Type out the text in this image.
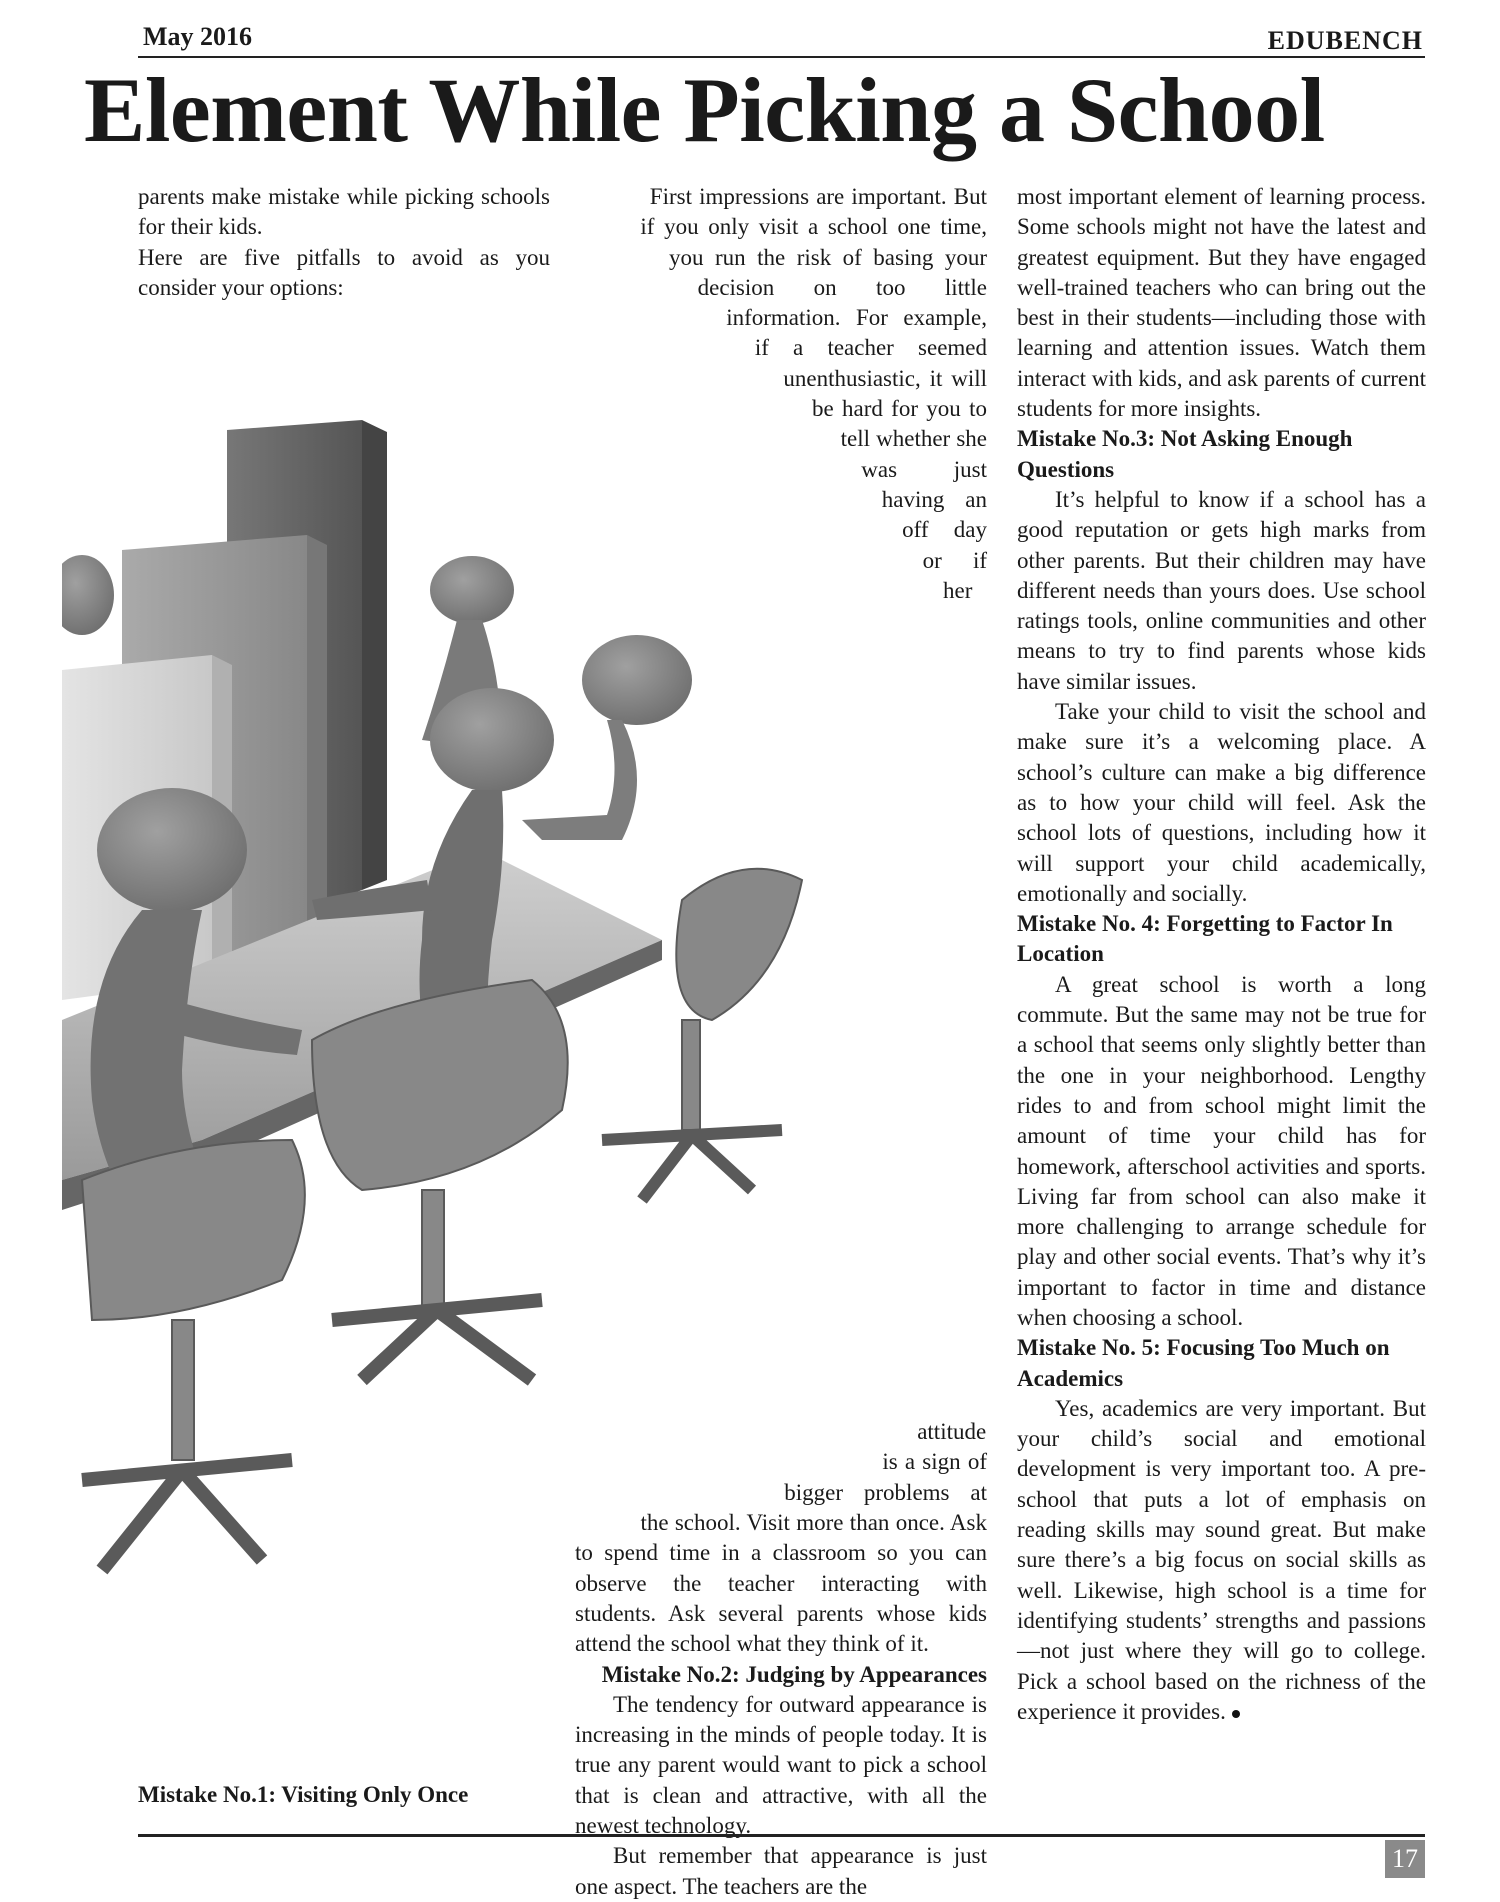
May 2016	EDUBENCH
Element While Picking a School

parents make mistake while picking schools for their kids.

Here are five pitfalls to avoid as you consider your options:

Mistake No.1: Visiting Only Once

First impressions are important. But if you only visit a school one time, you run the risk of basing your decision on too little information. For example, if a teacher seemed unenthusiastic, it will be hard for you to tell whether she was just having an off day or if her attitude is a sign of bigger problems at the school. Visit more than once. Ask to spend time in a classroom so you can observe the teacher interacting with students. Ask several parents whose kids attend the school what they think of it.

Mistake No.2: Judging by Appearances

The tendency for outward appearance is increasing in the minds of people today. It is true any parent would want to pick a school that is clean and attractive, with all the newest technology.

But remember that appearance is just one aspect. The teachers are the

most important element of learning process. Some schools might not have the latest and greatest equipment. But they have engaged well-trained teachers who can bring out the best in their students—including those with learning and attention issues. Watch them interact with kids, and ask parents of current students for more insights.

Mistake No.3: Not Asking Enough Questions

It’s helpful to know if a school has a good reputation or gets high marks from other parents. But their children may have different needs than yours does. Use school ratings tools, online communities and other means to try to find parents whose kids have similar issues.

Take your child to visit the school and make sure it’s a welcoming place. A school’s culture can make a big difference as to how your child will feel. Ask the school lots of questions, including how it will support your child academically, emotionally and socially.

Mistake No. 4: Forgetting to Factor In Location

A great school is worth a long commute. But the same may not be true for a school that seems only slightly better than the one in your neighborhood. Lengthy rides to and from school might limit the amount of time your child has for homework, afterschool activities and sports. Living far from school can also make it more challenging to arrange schedule for play and other social events. That’s why it’s important to factor in time and distance when choosing a school.

Mistake No. 5: Focusing Too Much on Academics

Yes, academics are very important. But your child’s social and emotional development is very important too. A pre-school that puts a lot of emphasis on reading skills may sound great. But make sure there’s a big focus on social skills as well. Likewise, high school is a time for identifying students’ strengths and passions—not just where they will go to college. Pick a school based on the richness of the experience it provides.

17
